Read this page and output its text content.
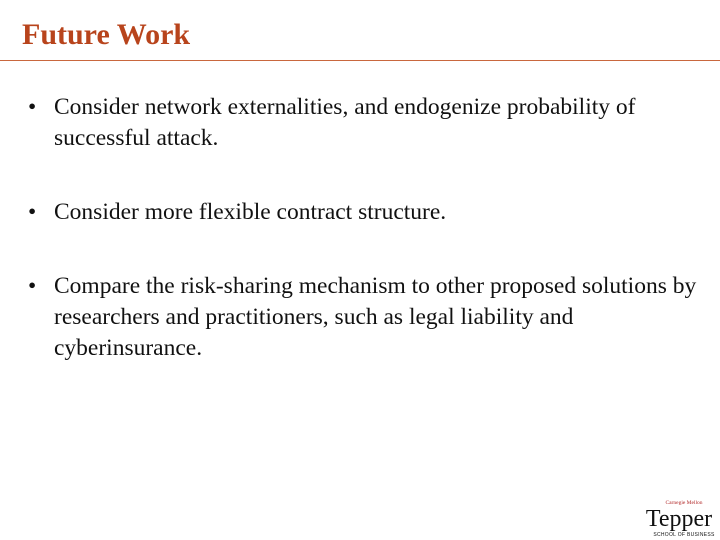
Future Work
• Consider network externalities, and endogenize probability of successful attack.
• Consider more flexible contract structure.
• Compare the risk-sharing mechanism to other proposed solutions by researchers and practitioners, such as legal liability and cyberinsurance.
Carnegie Mellon
Tepper
SCHOOL OF BUSINESS
